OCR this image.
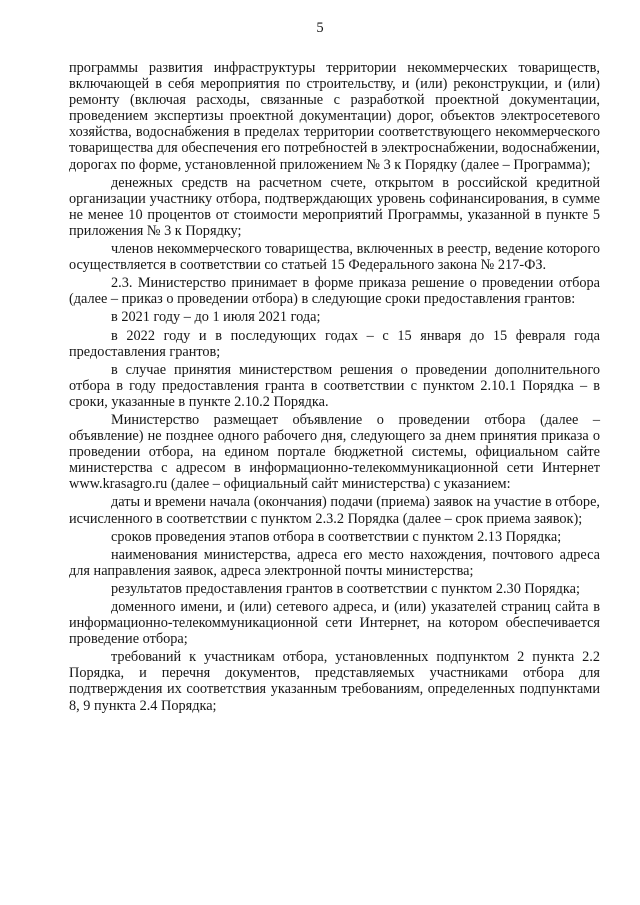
5

программы развития инфраструктуры территории некоммерческих товариществ, включающей в себя мероприятия по строительству, и (или) реконструкции, и (или) ремонту (включая расходы, связанные с разработкой проектной документации, проведением экспертизы проектной документации) дорог, объектов электросетевого хозяйства, водоснабжения в пределах территории соответствующего некоммерческого товарищества для обеспечения его потребностей в электроснабжении, водоснабжении, дорогах по форме, установленной приложением № 3 к Порядку (далее – Программа);

денежных средств на расчетном счете, открытом в российской кредитной организации участнику отбора, подтверждающих уровень софинансирования, в сумме не менее 10 процентов от стоимости мероприятий Программы, указанной в пункте 5 приложения № 3 к Порядку;

членов некоммерческого товарищества, включенных в реестр, ведение которого осуществляется в соответствии со статьей 15 Федерального закона № 217-ФЗ.

2.3. Министерство принимает в форме приказа решение о проведении отбора (далее – приказ о проведении отбора) в следующие сроки предоставления грантов:

в 2021 году – до 1 июля 2021 года;

в 2022 году и в последующих годах – с 15 января до 15 февраля года предоставления грантов;

в случае принятия министерством решения о проведении дополнительного отбора в году предоставления гранта в соответствии с пунктом 2.10.1 Порядка – в сроки, указанные в пункте 2.10.2 Порядка.

Министерство размещает объявление о проведении отбора (далее – объявление) не позднее одного рабочего дня, следующего за днем принятия приказа о проведении отбора, на едином портале бюджетной системы, официальном сайте министерства с адресом в информационно-телекоммуникационной сети Интернет www.krasagro.ru (далее – официальный сайт министерства) с указанием:

даты и времени начала (окончания) подачи (приема) заявок на участие в отборе, исчисленного в соответствии с пунктом 2.3.2 Порядка (далее – срок приема заявок);

сроков проведения этапов отбора в соответствии с пунктом 2.13 Порядка;

наименования министерства, адреса его место нахождения, почтового адреса для направления заявок, адреса электронной почты министерства;

результатов предоставления грантов в соответствии с пунктом 2.30 Порядка;

доменного имени, и (или) сетевого адреса, и (или) указателей страниц сайта в информационно-телекоммуникационной сети Интернет, на котором обеспечивается проведение отбора;

требований к участникам отбора, установленных подпунктом 2 пункта 2.2 Порядка, и перечня документов, представляемых участниками отбора для подтверждения их соответствия указанным требованиям, определенных подпунктами 8, 9 пункта 2.4 Порядка;
